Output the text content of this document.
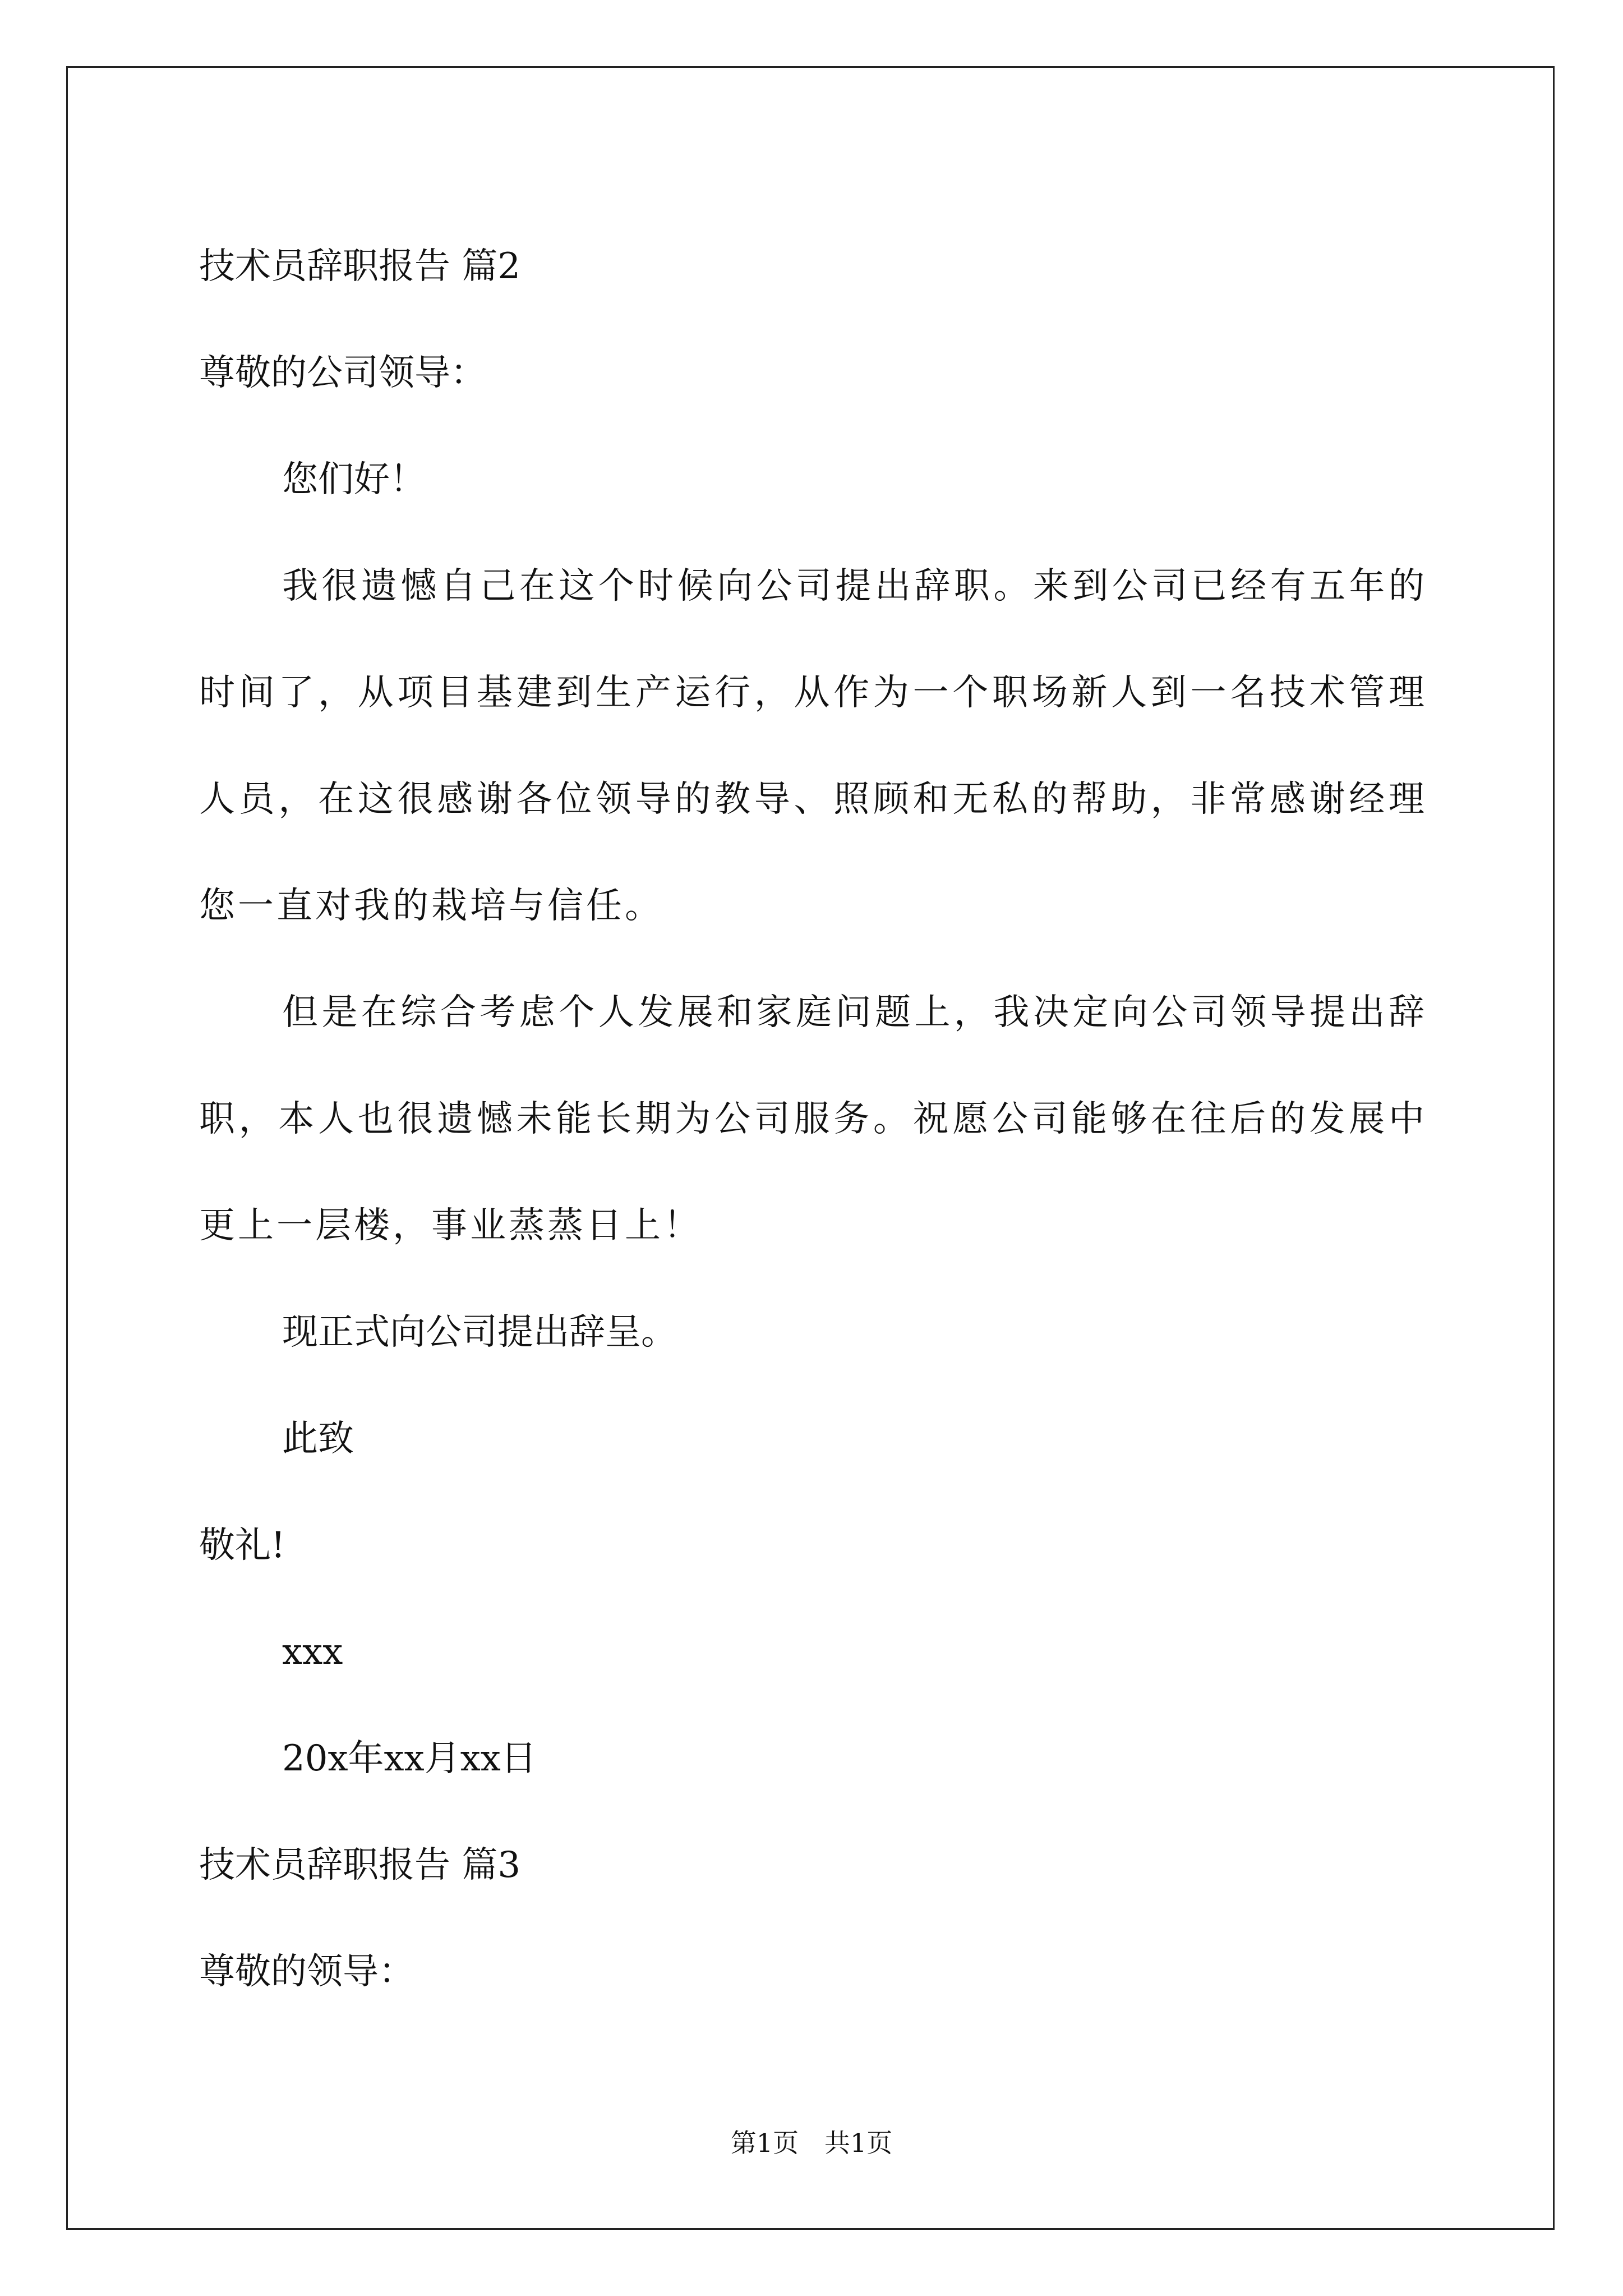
技术员辞职报告 篇2

尊敬的公司领导：

您们好！

我很遗憾自己在这个时候向公司提出辞职。来到公司已经有五年的时间了，从项目基建到生产运行，从作为一个职场新人到一名技术管理人员，在这很感谢各位领导的教导、照顾和无私的帮助，非常感谢经理您一直对我的栽培与信任。

但是在综合考虑个人发展和家庭问题上，我决定向公司领导提出辞职，本人也很遗憾未能长期为公司服务。祝愿公司能够在往后的发展中更上一层楼，事业蒸蒸日上！

现正式向公司提出辞呈。

此致

敬礼!

xxx

20x年xx月xx日

技术员辞职报告 篇3

尊敬的领导：

第1页　共1页
